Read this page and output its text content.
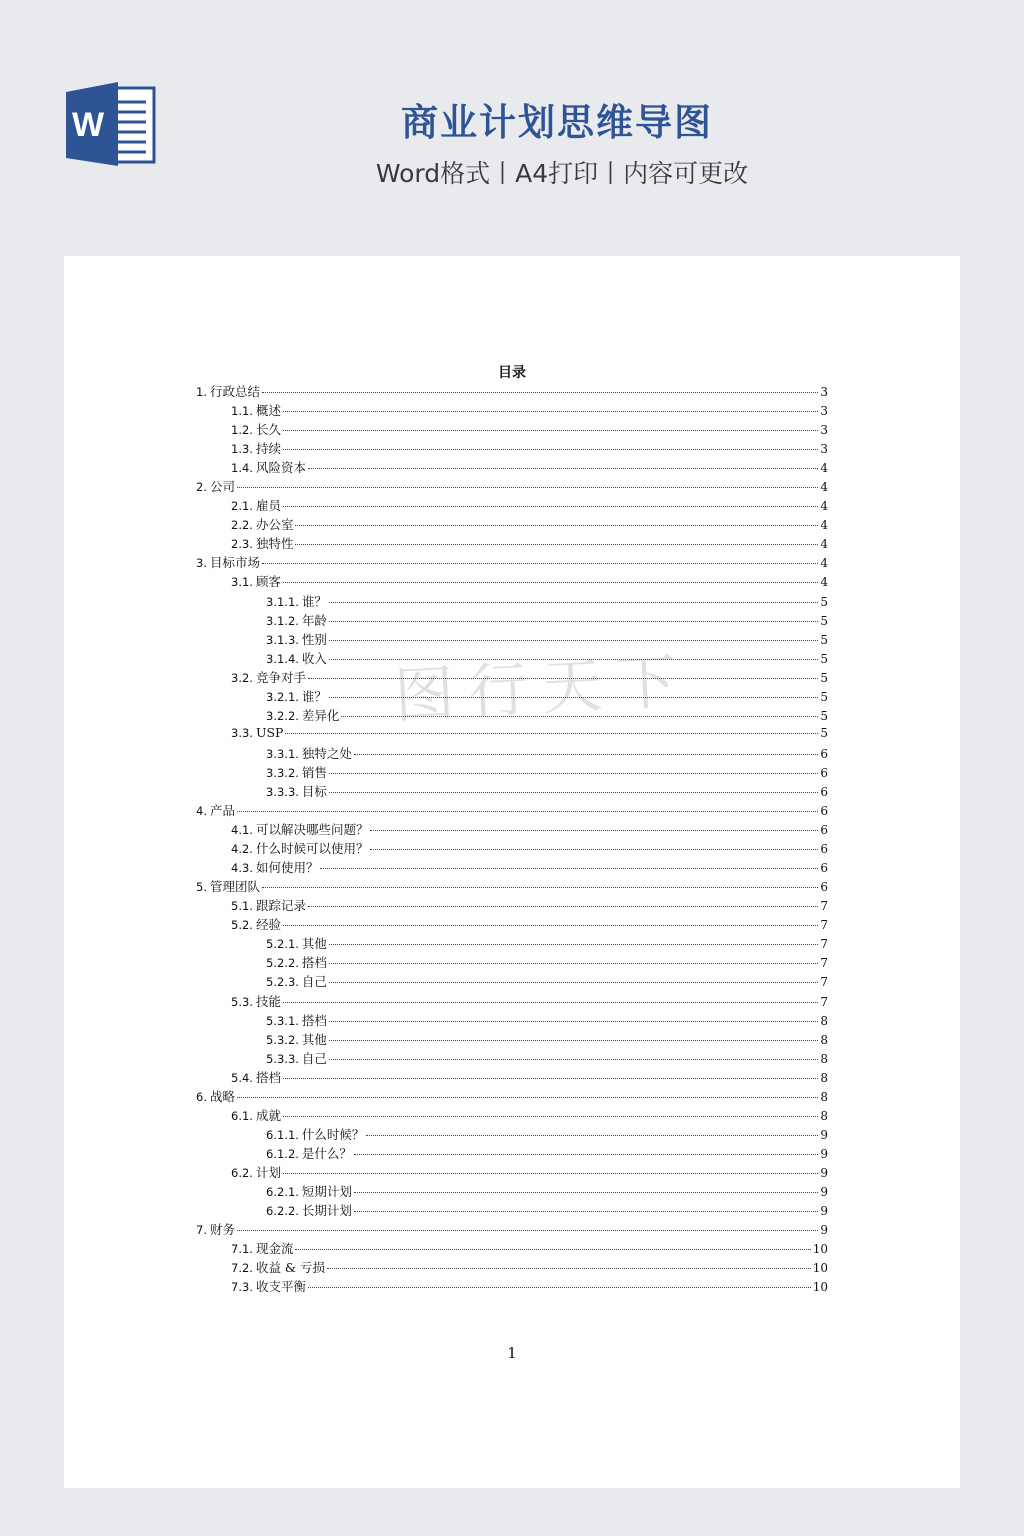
W	商业计划思维导图
Word格式丨A4打印丨内容可更改
图行天下
目录
1. 行政总结	3
1.1. 概述	3
1.2. 长久	3
1.3. 持续	3
1.4. 风险资本	4
2. 公司	4
2.1. 雇员	4
2.2. 办公室	4
2.3. 独特性	4
3. 目标市场	4
3.1. 顾客	4
3.1.1. 谁？	5
3.1.2. 年龄	5
3.1.3. 性别	5
3.1.4. 收入	5
3.2. 竞争对手	5
3.2.1. 谁？	5
3.2.2. 差异化	5
3.3. USP	5
3.3.1. 独特之处	6
3.3.2. 销售	6
3.3.3. 目标	6
4. 产品	6
4.1. 可以解决哪些问题？	6
4.2. 什么时候可以使用？	6
4.3. 如何使用？	6
5. 管理团队	6
5.1. 跟踪记录	7
5.2. 经验	7
5.2.1. 其他	7
5.2.2. 搭档	7
5.2.3. 自己	7
5.3. 技能	7
5.3.1. 搭档	8
5.3.2. 其他	8
5.3.3. 自己	8
5.4. 搭档	8
6. 战略	8
6.1. 成就	8
6.1.1. 什么时候？	9
6.1.2. 是什么？	9
6.2. 计划	9
6.2.1. 短期计划	9
6.2.2. 长期计划	9
7. 财务	9
7.1. 现金流	10
7.2. 收益 & 亏损	10
7.3. 收支平衡	10
1
